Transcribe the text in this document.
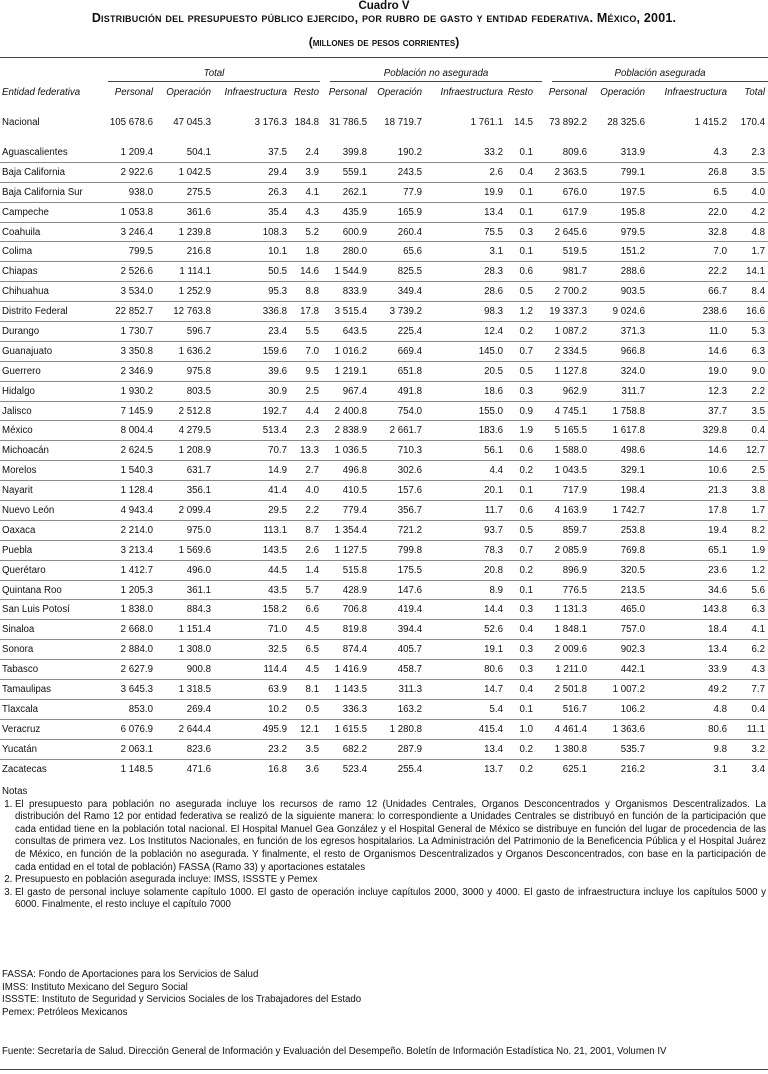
Cuadro V
Distribución del presupuesto público ejercido, por rubro de gasto y entidad federativa. México, 2001.
(millones de pesos corrientes)
Total	Población no asegurada	Población asegurada
Entidad federativa	Personal	Operación	Infraestructura	Resto	Personal	Operación	Infraestructura	Resto	Personal	Operación	Infraestructura	Total
Nacional	105 678.6	47 045.3	3 176.3	184.8	31 786.5	18 719.7	1 761.1	14.5	73 892.2	28 325.6	1 415.2	170.4
Aguascalientes	1 209.4	504.1	37.5	2.4	399.8	190.2	33.2	0.1	809.6	313.9	4.3	2.3
Baja California	2 922.6	1 042.5	29.4	3.9	559.1	243.5	2.6	0.4	2 363.5	799.1	26.8	3.5
Baja California Sur	938.0	275.5	26.3	4.1	262.1	77.9	19.9	0.1	676.0	197.5	6.5	4.0
Campeche	1 053.8	361.6	35.4	4.3	435.9	165.9	13.4	0.1	617.9	195.8	22.0	4.2
Coahuila	3 246.4	1 239.8	108.3	5.2	600.9	260.4	75.5	0.3	2 645.6	979.5	32.8	4.8
Colima	799.5	216.8	10.1	1.8	280.0	65.6	3.1	0.1	519.5	151.2	7.0	1.7
Chiapas	2 526.6	1 114.1	50.5	14.6	1 544.9	825.5	28.3	0.6	981.7	288.6	22.2	14.1
Chihuahua	3 534.0	1 252.9	95.3	8.8	833.9	349.4	28.6	0.5	2 700.2	903.5	66.7	8.4
Distrito Federal	22 852.7	12 763.8	336.8	17.8	3 515.4	3 739.2	98.3	1.2	19 337.3	9 024.6	238.6	16.6
Durango	1 730.7	596.7	23.4	5.5	643.5	225.4	12.4	0.2	1 087.2	371.3	11.0	5.3
Guanajuato	3 350.8	1 636.2	159.6	7.0	1 016.2	669.4	145.0	0.7	2 334.5	966.8	14.6	6.3
Guerrero	2 346.9	975.8	39.6	9.5	1 219.1	651.8	20.5	0.5	1 127.8	324.0	19.0	9.0
Hidalgo	1 930.2	803.5	30.9	2.5	967.4	491.8	18.6	0.3	962.9	311.7	12.3	2.2
Jalisco	7 145.9	2 512.8	192.7	4.4	2 400.8	754.0	155.0	0.9	4 745.1	1 758.8	37.7	3.5
México	8 004.4	4 279.5	513.4	2.3	2 838.9	2 661.7	183.6	1.9	5 165.5	1 617.8	329.8	0.4
Michoacán	2 624.5	1 208.9	70.7	13.3	1 036.5	710.3	56.1	0.6	1 588.0	498.6	14.6	12.7
Morelos	1 540.3	631.7	14.9	2.7	496.8	302.6	4.4	0.2	1 043.5	329.1	10.6	2.5
Nayarit	1 128.4	356.1	41.4	4.0	410.5	157.6	20.1	0.1	717.9	198.4	21.3	3.8
Nuevo León	4 943.4	2 099.4	29.5	2.2	779.4	356.7	11.7	0.6	4 163.9	1 742.7	17.8	1.7
Oaxaca	2 214.0	975.0	113.1	8.7	1 354.4	721.2	93.7	0.5	859.7	253.8	19.4	8.2
Puebla	3 213.4	1 569.6	143.5	2.6	1 127.5	799.8	78.3	0.7	2 085.9	769.8	65.1	1.9
Querétaro	1 412.7	496.0	44.5	1.4	515.8	175.5	20.8	0.2	896.9	320.5	23.6	1.2
Quintana Roo	1 205.3	361.1	43.5	5.7	428.9	147.6	8.9	0.1	776.5	213.5	34.6	5.6
San Luis Potosí	1 838.0	884.3	158.2	6.6	706.8	419.4	14.4	0.3	1 131.3	465.0	143.8	6.3
Sinaloa	2 668.0	1 151.4	71.0	4.5	819.8	394.4	52.6	0.4	1 848.1	757.0	18.4	4.1
Sonora	2 884.0	1 308.0	32.5	6.5	874.4	405.7	19.1	0.3	2 009.6	902.3	13.4	6.2
Tabasco	2 627.9	900.8	114.4	4.5	1 416.9	458.7	80.6	0.3	1 211.0	442.1	33.9	4.3
Tamaulipas	3 645.3	1 318.5	63.9	8.1	1 143.5	311.3	14.7	0.4	2 501.8	1 007.2	49.2	7.7
Tlaxcala	853.0	269.4	10.2	0.5	336.3	163.2	5.4	0.1	516.7	106.2	4.8	0.4
Veracruz	6 076.9	2 644.4	495.9	12.1	1 615.5	1 280.8	415.4	1.0	4 461.4	1 363.6	80.6	11.1
Yucatán	2 063.1	823.6	23.2	3.5	682.2	287.9	13.4	0.2	1 380.8	535.7	9.8	3.2
Zacatecas	1 148.5	471.6	16.8	3.6	523.4	255.4	13.7	0.2	625.1	216.2	3.1	3.4
Notas
1. El presupuesto para población no asegurada incluye los recursos de ramo 12 (Unidades Centrales, Organos Desconcentrados y Organismos Descentralizados. La distribución del Ramo 12 por entidad federativa se realizó de la siguiente manera: lo correspondiente a Unidades Centrales se distribuyó en función de la participación que cada entidad tiene en la población total nacional. El Hospital Manuel Gea González y el Hospital General de México se distribuye en función del lugar de procedencia de las consultas de primera vez. Los Institutos Nacionales, en función de los egresos hospitalarios. La Administración del Patrimonio de la Beneficencia Pública y el Hospital Juárez de México, en función de la población no asegurada. Y finalmente, el resto de Organismos Descentralizados y Organos Desconcentrados, con base en la participación de cada entidad en el total de población) FASSA (Ramo 33) y aportaciones estatales
2. Presupuesto en población asegurada incluye: IMSS, ISSSTE y Pemex
3. El gasto de personal incluye solamente capítulo 1000. El gasto de operación incluye capítulos 2000, 3000 y 4000. El gasto de infraestructura incluye los capítulos 5000 y 6000. Finalmente, el resto incluye el capítulo 7000
FASSA: Fondo de Aportaciones para los Servicios de Salud
IMSS: Instituto Mexicano del Seguro Social
ISSSTE: Instituto de Seguridad y Servicios Sociales de los Trabajadores del Estado
Pemex: Petróleos Mexicanos
Fuente: Secretaría de Salud. Dirección General de Información y Evaluación del Desempeño. Boletín de Información Estadística No. 21, 2001, Volumen IV
